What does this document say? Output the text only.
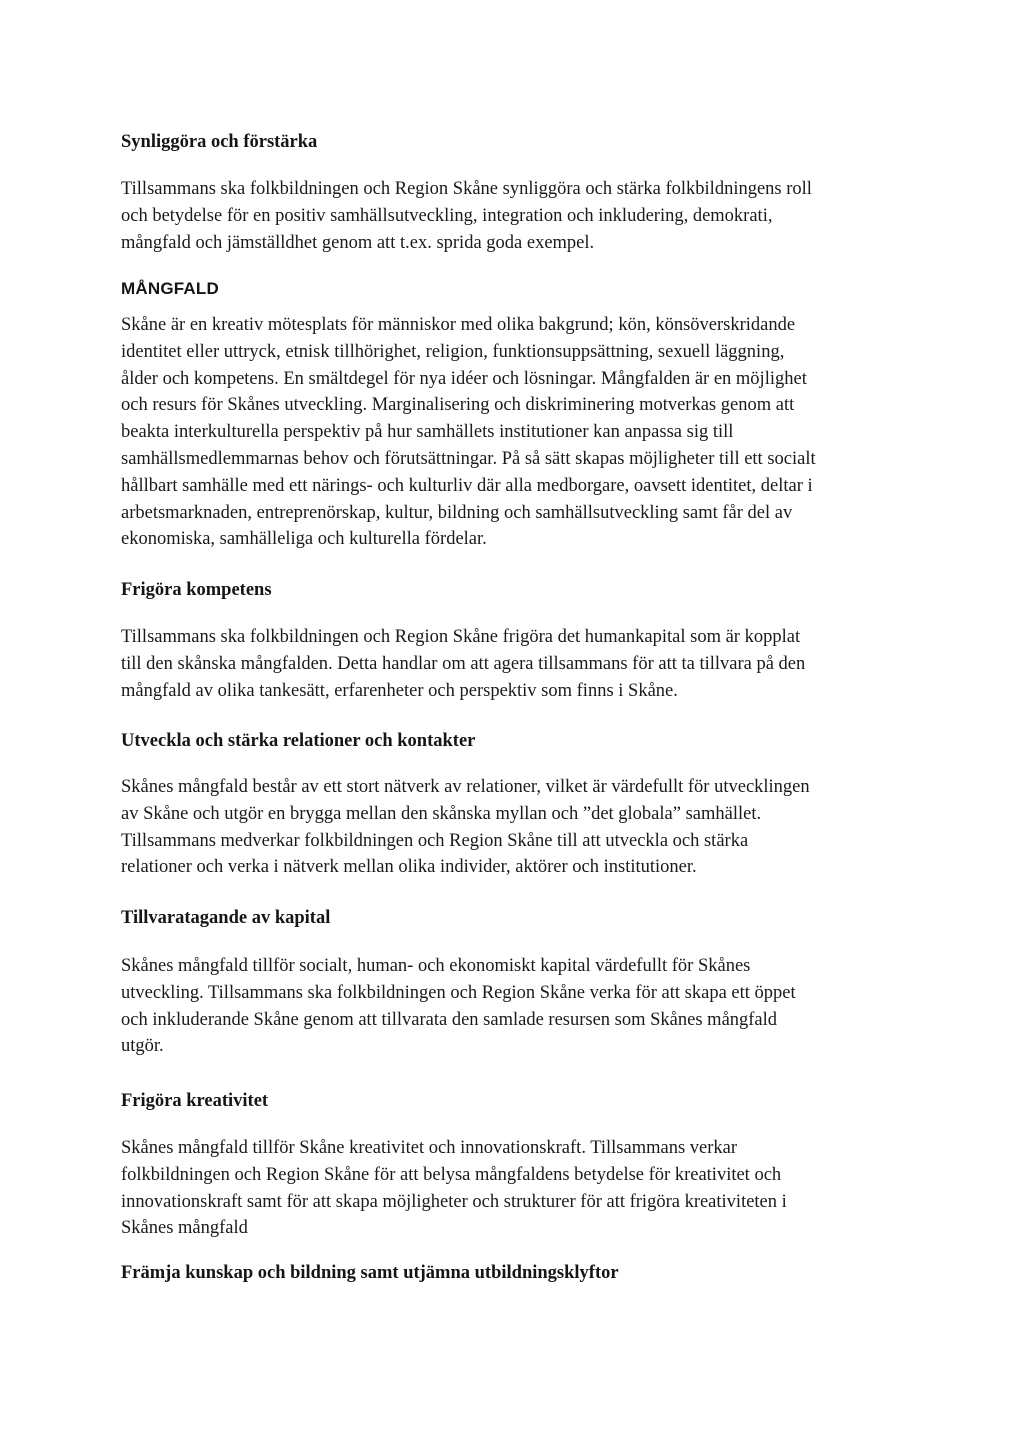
Synliggöra och förstärka

Tillsammans ska folkbildningen och Region Skåne synliggöra och stärka folkbildningens roll
och betydelse för en positiv samhällsutveckling, integration och inkludering, demokrati,
mångfald och jämställdhet genom att t.ex. sprida goda exempel.

MÅNGFALD

Skåne är en kreativ mötesplats för människor med olika bakgrund; kön, könsöverskridande
identitet eller uttryck, etnisk tillhörighet, religion, funktionsuppsättning, sexuell läggning,
ålder och kompetens. En smältdegel för nya idéer och lösningar. Mångfalden är en möjlighet
och resurs för Skånes utveckling. Marginalisering och diskriminering motverkas genom att
beakta interkulturella perspektiv på hur samhällets institutioner kan anpassa sig till
samhällsmedlemmarnas behov och förutsättningar. På så sätt skapas möjligheter till ett socialt
hållbart samhälle med ett närings- och kulturliv där alla medborgare, oavsett identitet, deltar i
arbetsmarknaden, entreprenörskap, kultur, bildning och samhällsutveckling samt får del av
ekonomiska, samhälleliga och kulturella fördelar.

Frigöra kompetens

Tillsammans ska folkbildningen och Region Skåne frigöra det humankapital som är kopplat
till den skånska mångfalden. Detta handlar om att agera tillsammans för att ta tillvara på den
mångfald av olika tankesätt, erfarenheter och perspektiv som finns i Skåne.

Utveckla och stärka relationer och kontakter

Skånes mångfald består av ett stort nätverk av relationer, vilket är värdefullt för utvecklingen
av Skåne och utgör en brygga mellan den skånska myllan och ”det globala” samhället.
Tillsammans medverkar folkbildningen och Region Skåne till att utveckla och stärka
relationer och verka i nätverk mellan olika individer, aktörer och institutioner.

Tillvaratagande av kapital

Skånes mångfald tillför socialt, human- och ekonomiskt kapital värdefullt för Skånes
utveckling. Tillsammans ska folkbildningen och Region Skåne verka för att skapa ett öppet
och inkluderande Skåne genom att tillvarata den samlade resursen som Skånes mångfald
utgör.

Frigöra kreativitet

Skånes mångfald tillför Skåne kreativitet och innovationskraft. Tillsammans verkar
folkbildningen och Region Skåne för att belysa mångfaldens betydelse för kreativitet och
innovationskraft samt för att skapa möjligheter och strukturer för att frigöra kreativiteten i
Skånes mångfald

Främja kunskap och bildning samt utjämna utbildningsklyftor
